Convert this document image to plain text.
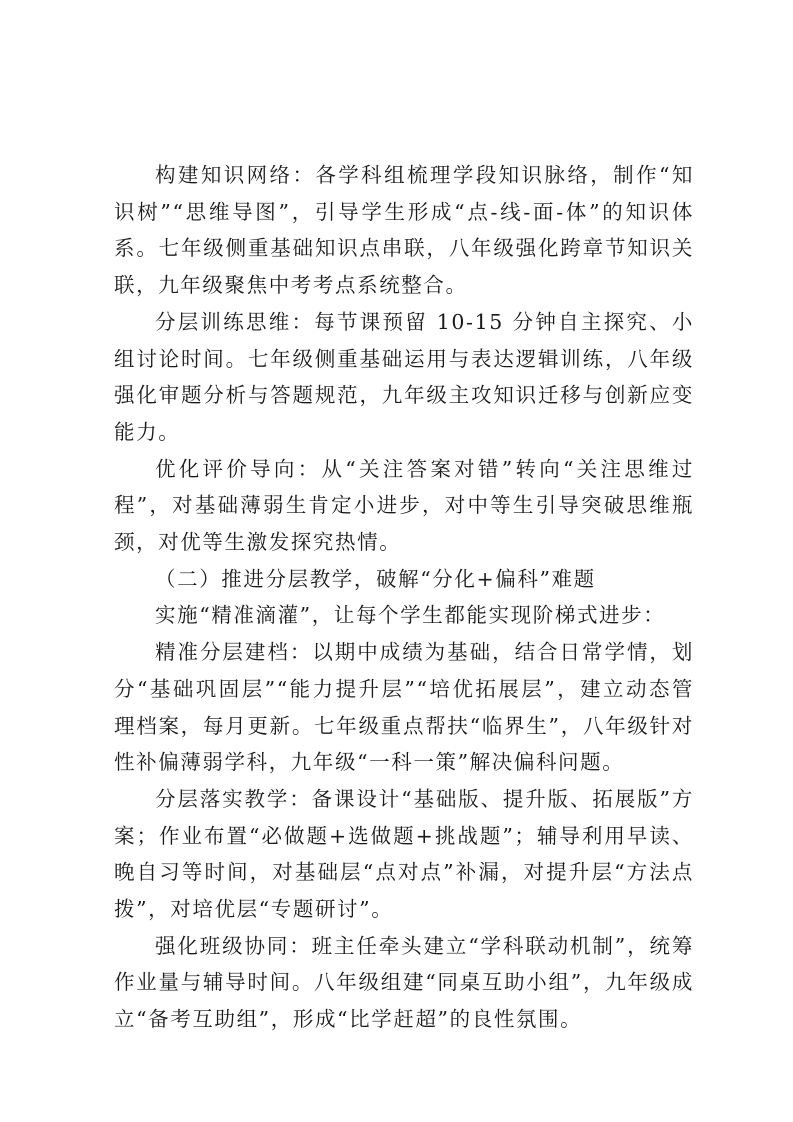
构建知识网络：各学科组梳理学段知识脉络，制作“知识树”“思维导图”，引导学生形成“点-线-面-体”的知识体系。七年级侧重基础知识点串联，八年级强化跨章节知识关联，九年级聚焦中考考点系统整合。

分层训练思维：每节课预留 10-15 分钟自主探究、小组讨论时间。七年级侧重基础运用与表达逻辑训练，八年级强化审题分析与答题规范，九年级主攻知识迁移与创新应变能力。

优化评价导向：从“关注答案对错”转向“关注思维过程”，对基础薄弱生肯定小进步，对中等生引导突破思维瓶颈，对优等生激发探究热情。

（二）推进分层教学，破解“分化+偏科”难题

实施“精准滴灌”，让每个学生都能实现阶梯式进步：

精准分层建档：以期中成绩为基础，结合日常学情，划分“基础巩固层”“能力提升层”“培优拓展层”，建立动态管理档案，每月更新。七年级重点帮扶“临界生”，八年级针对性补偏薄弱学科，九年级“一科一策”解决偏科问题。

分层落实教学：备课设计“基础版、提升版、拓展版”方案；作业布置“必做题+选做题+挑战题”；辅导利用早读、晚自习等时间，对基础层“点对点”补漏，对提升层“方法点拨”，对培优层“专题研讨”。

强化班级协同：班主任牵头建立“学科联动机制”，统筹作业量与辅导时间。八年级组建“同桌互助小组”，九年级成立“备考互助组”，形成“比学赶超”的良性氛围。
